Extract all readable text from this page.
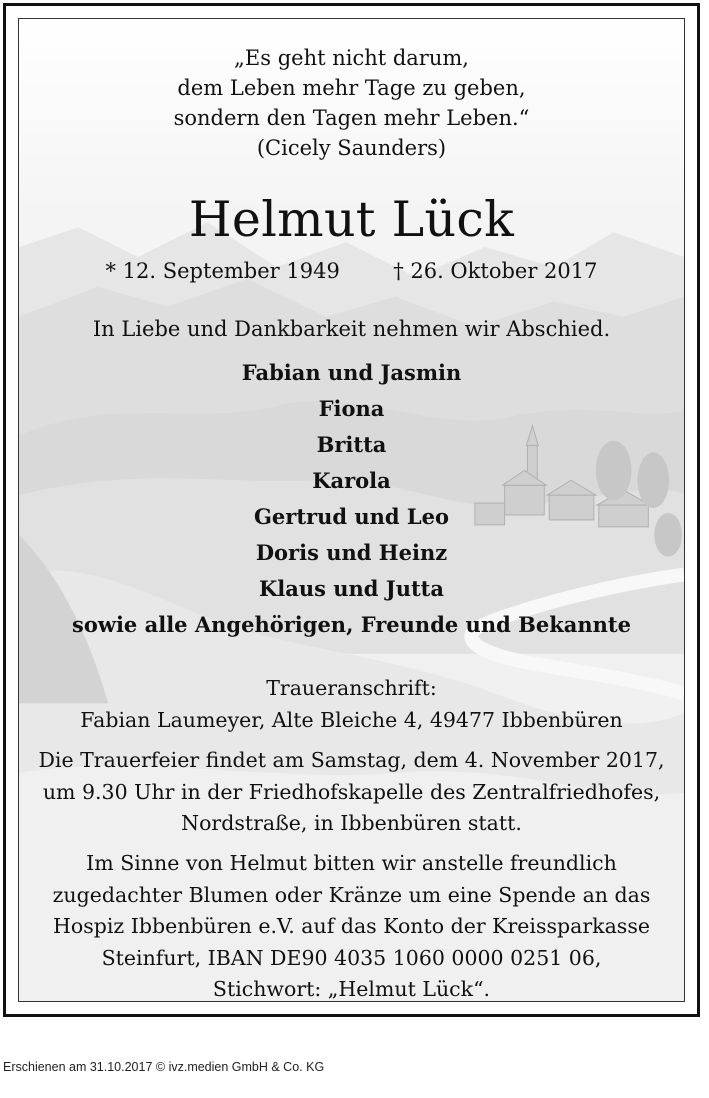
„Es geht nicht darum,
dem Leben mehr Tage zu geben,
sondern den Tagen mehr Leben.“
(Cicely Saunders)
Helmut Lück
* 12. September 1949	† 26. Oktober 2017
In Liebe und Dankbarkeit nehmen wir Abschied.
Fabian und Jasmin
Fiona
Britta
Karola
Gertrud und Leo
Doris und Heinz
Klaus und Jutta
sowie alle Angehörigen, Freunde und Bekannte
Traueranschrift:
Fabian Laumeyer, Alte Bleiche 4, 49477 Ibbenbüren
Die Trauerfeier findet am Samstag, dem 4. November 2017,
um 9.30 Uhr in der Friedhofskapelle des Zentralfriedhofes,
Nordstraße, in Ibbenbüren statt.
Im Sinne von Helmut bitten wir anstelle freundlich
zugedachter Blumen oder Kränze um eine Spende an das
Hospiz Ibbenbüren e.V. auf das Konto der Kreissparkasse
Steinfurt, IBAN DE90 4035 1060 0000 0251 06,
Stichwort: „Helmut Lück“.
Erschienen am 31.10.2017 © ivz.medien GmbH & Co. KG
